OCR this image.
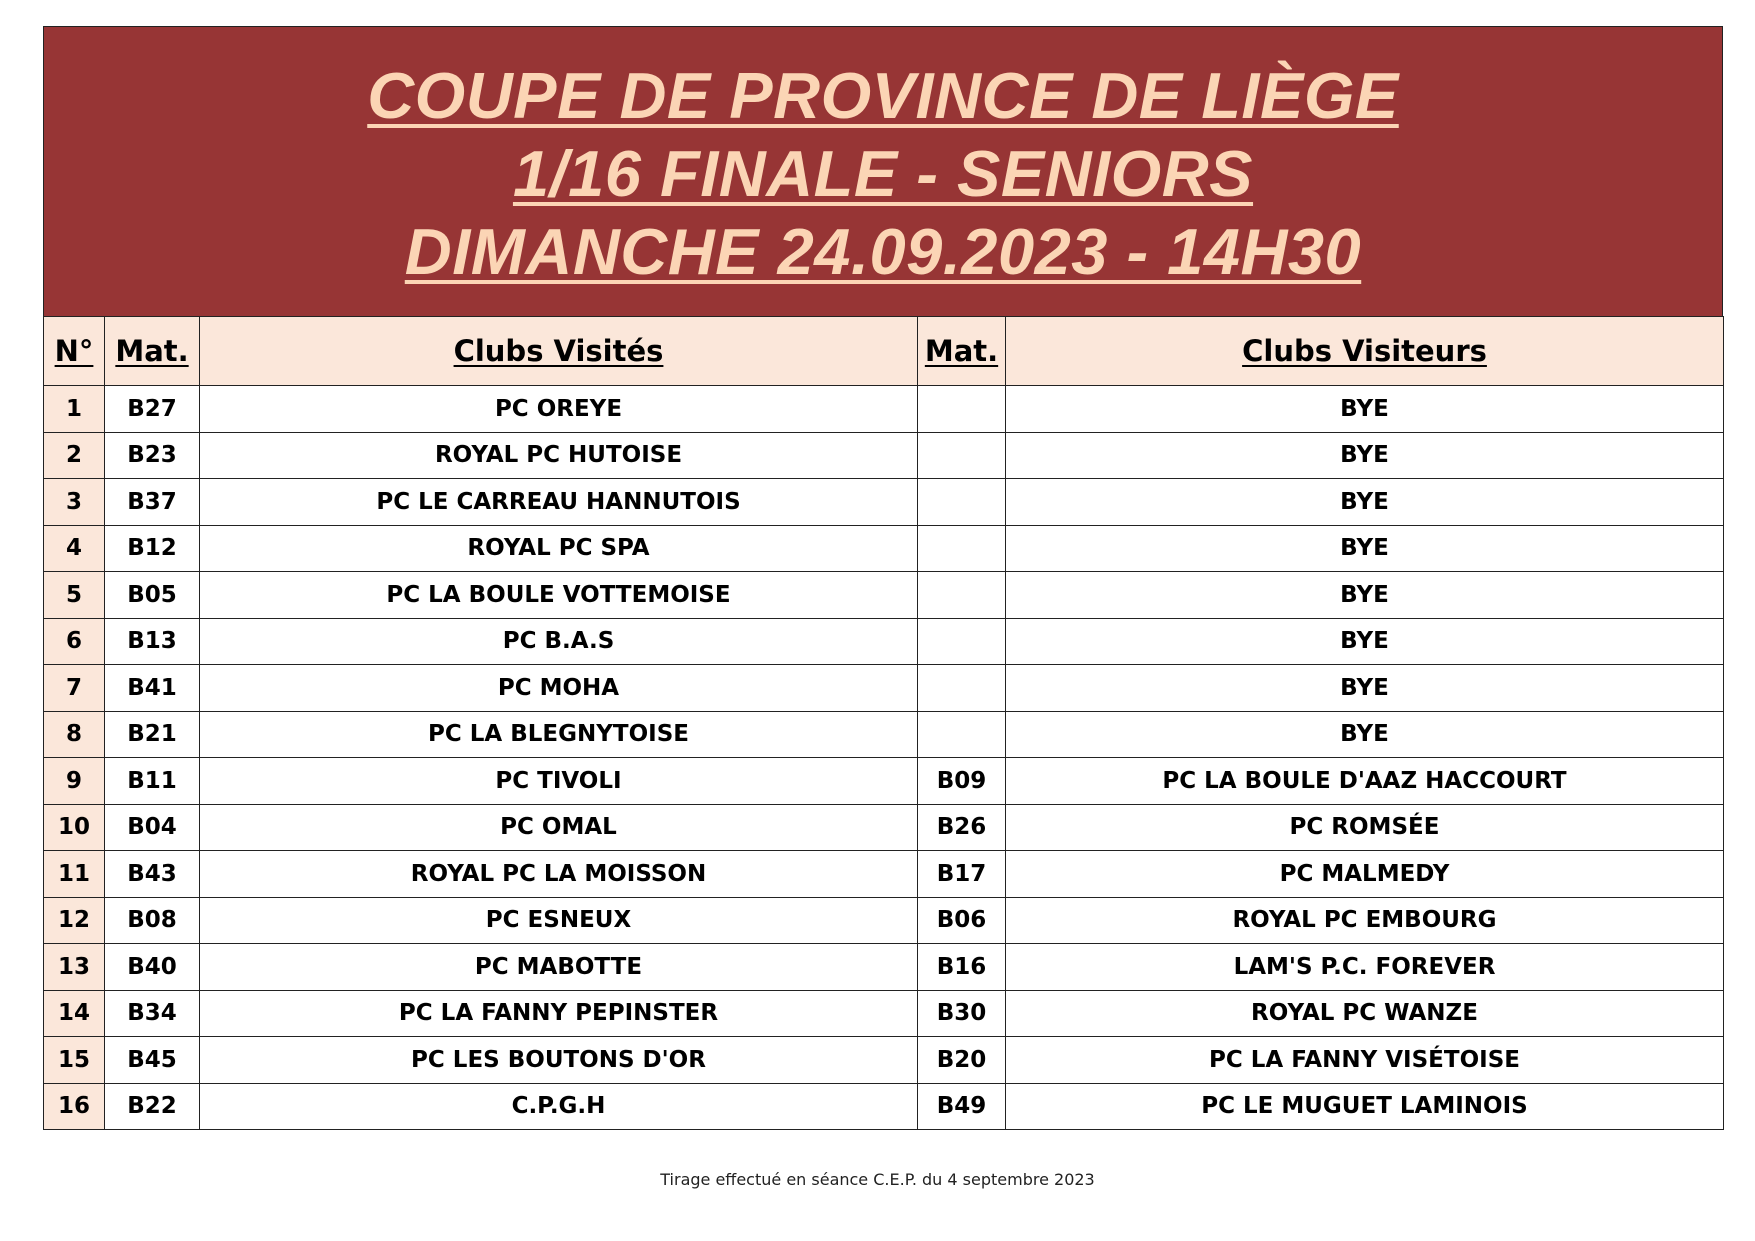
COUPE DE PROVINCE DE LIÈGE
1/16 FINALE - SENIORS
DIMANCHE 24.09.2023 - 14H30
N°	Mat.	Clubs Visités	Mat.	Clubs Visiteurs
1	B27	PC OREYE		BYE
2	B23	ROYAL PC HUTOISE		BYE
3	B37	PC LE CARREAU HANNUTOIS		BYE
4	B12	ROYAL PC SPA		BYE
5	B05	PC LA BOULE VOTTEMOISE		BYE
6	B13	PC B.A.S		BYE
7	B41	PC MOHA		BYE
8	B21	PC LA BLEGNYTOISE		BYE
9	B11	PC TIVOLI	B09	PC LA BOULE D'AAZ HACCOURT
10	B04	PC OMAL	B26	PC ROMSÉE
11	B43	ROYAL PC LA MOISSON	B17	PC MALMEDY
12	B08	PC ESNEUX	B06	ROYAL PC EMBOURG
13	B40	PC MABOTTE	B16	LAM'S P.C. FOREVER
14	B34	PC LA FANNY PEPINSTER	B30	ROYAL PC WANZE
15	B45	PC LES BOUTONS D'OR	B20	PC LA FANNY VISÉTOISE
16	B22	C.P.G.H	B49	PC LE MUGUET LAMINOIS
Tirage effectué en séance C.E.P. du 4 septembre 2023
